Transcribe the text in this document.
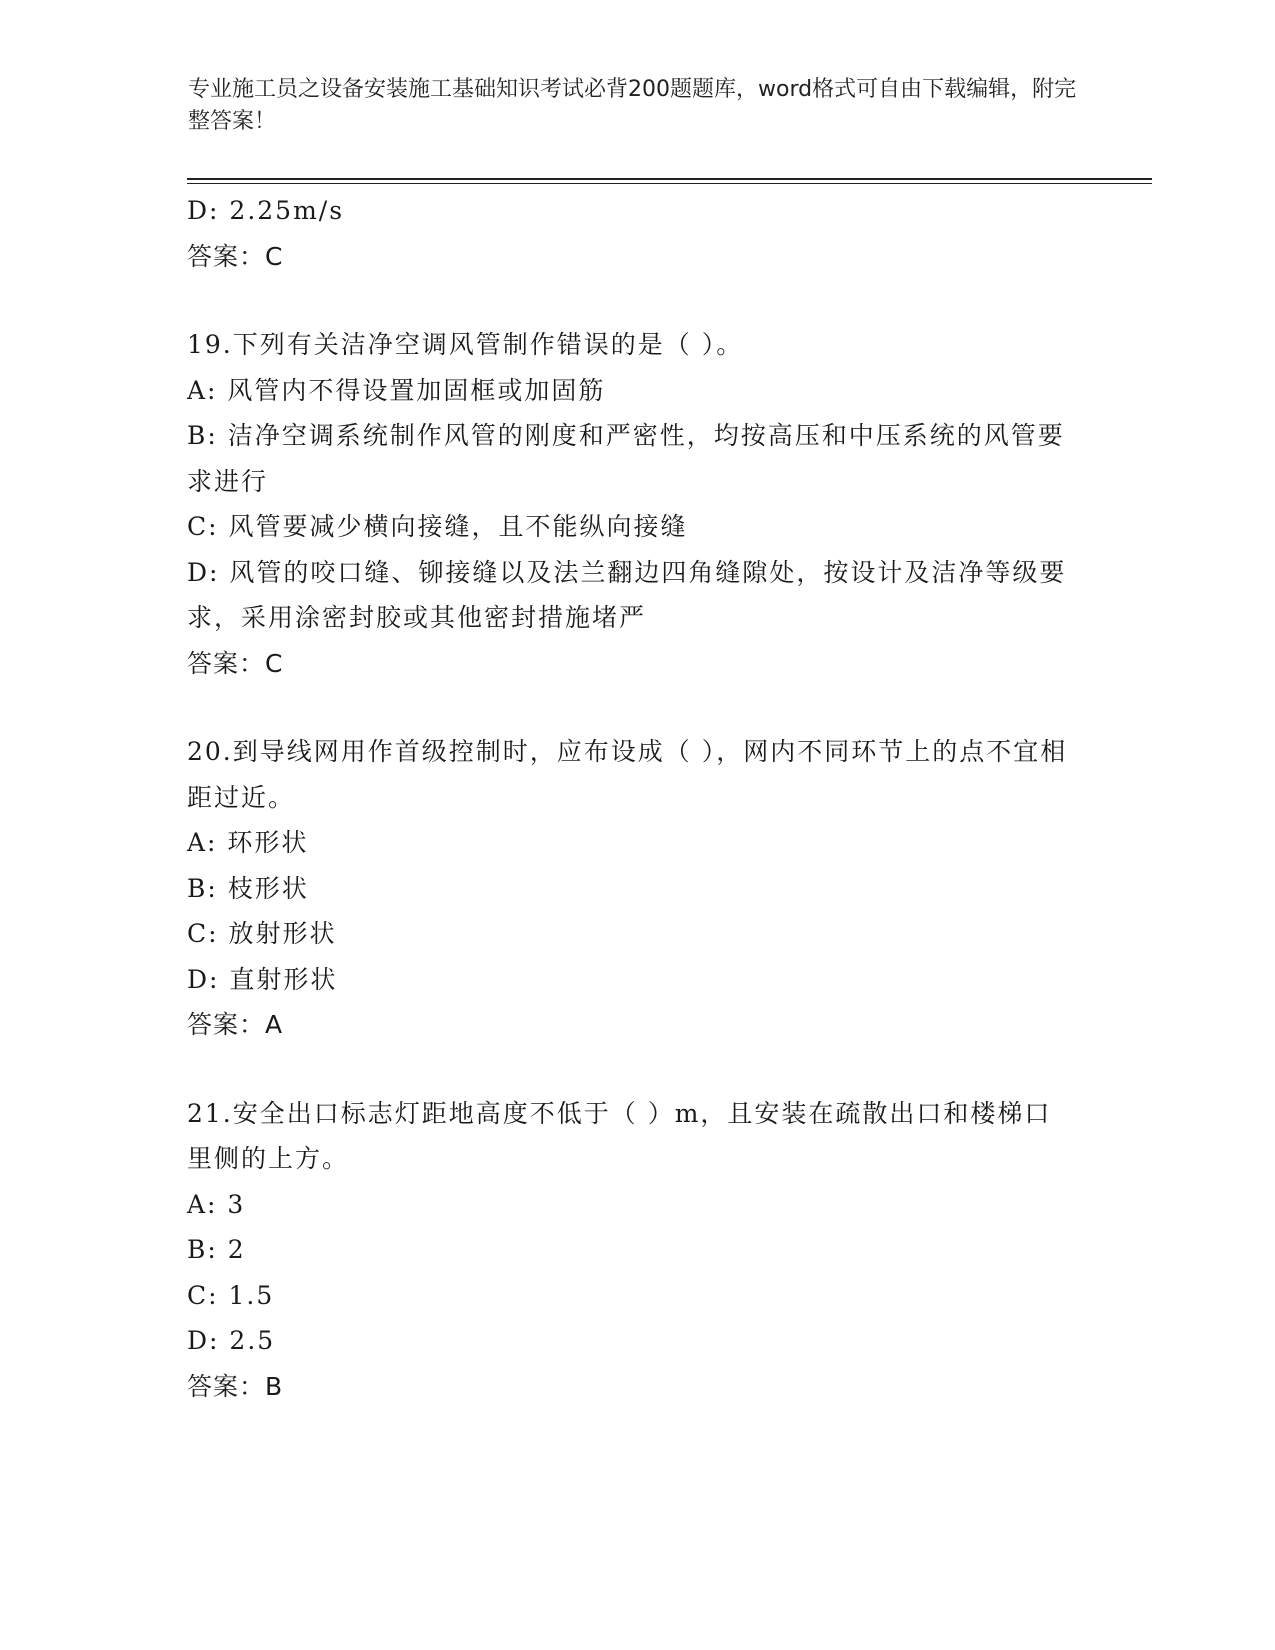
专业施工员之设备安装施工基础知识考试必背200题题库，word格式可自由下载编辑，附完整答案！
D: 2.25m/s
答案：C
19.下列有关洁净空调风管制作错误的是（ ）。
A: 风管内不得设置加固框或加固筋
B: 洁净空调系统制作风管的刚度和严密性，均按高压和中压系统的风管要求进行
C: 风管要减少横向接缝，且不能纵向接缝
D: 风管的咬口缝、铆接缝以及法兰翻边四角缝隙处，按设计及洁净等级要求，采用涂密封胶或其他密封措施堵严
答案：C
20.到导线网用作首级控制时，应布设成（ ），网内不同环节上的点不宜相距过近。
A: 环形状
B: 枝形状
C: 放射形状
D: 直射形状
答案：A
21.安全出口标志灯距地高度不低于（ ）m，且安装在疏散出口和楼梯口里侧的上方。
A: 3
B: 2
C: 1.5
D: 2.5
答案：B
